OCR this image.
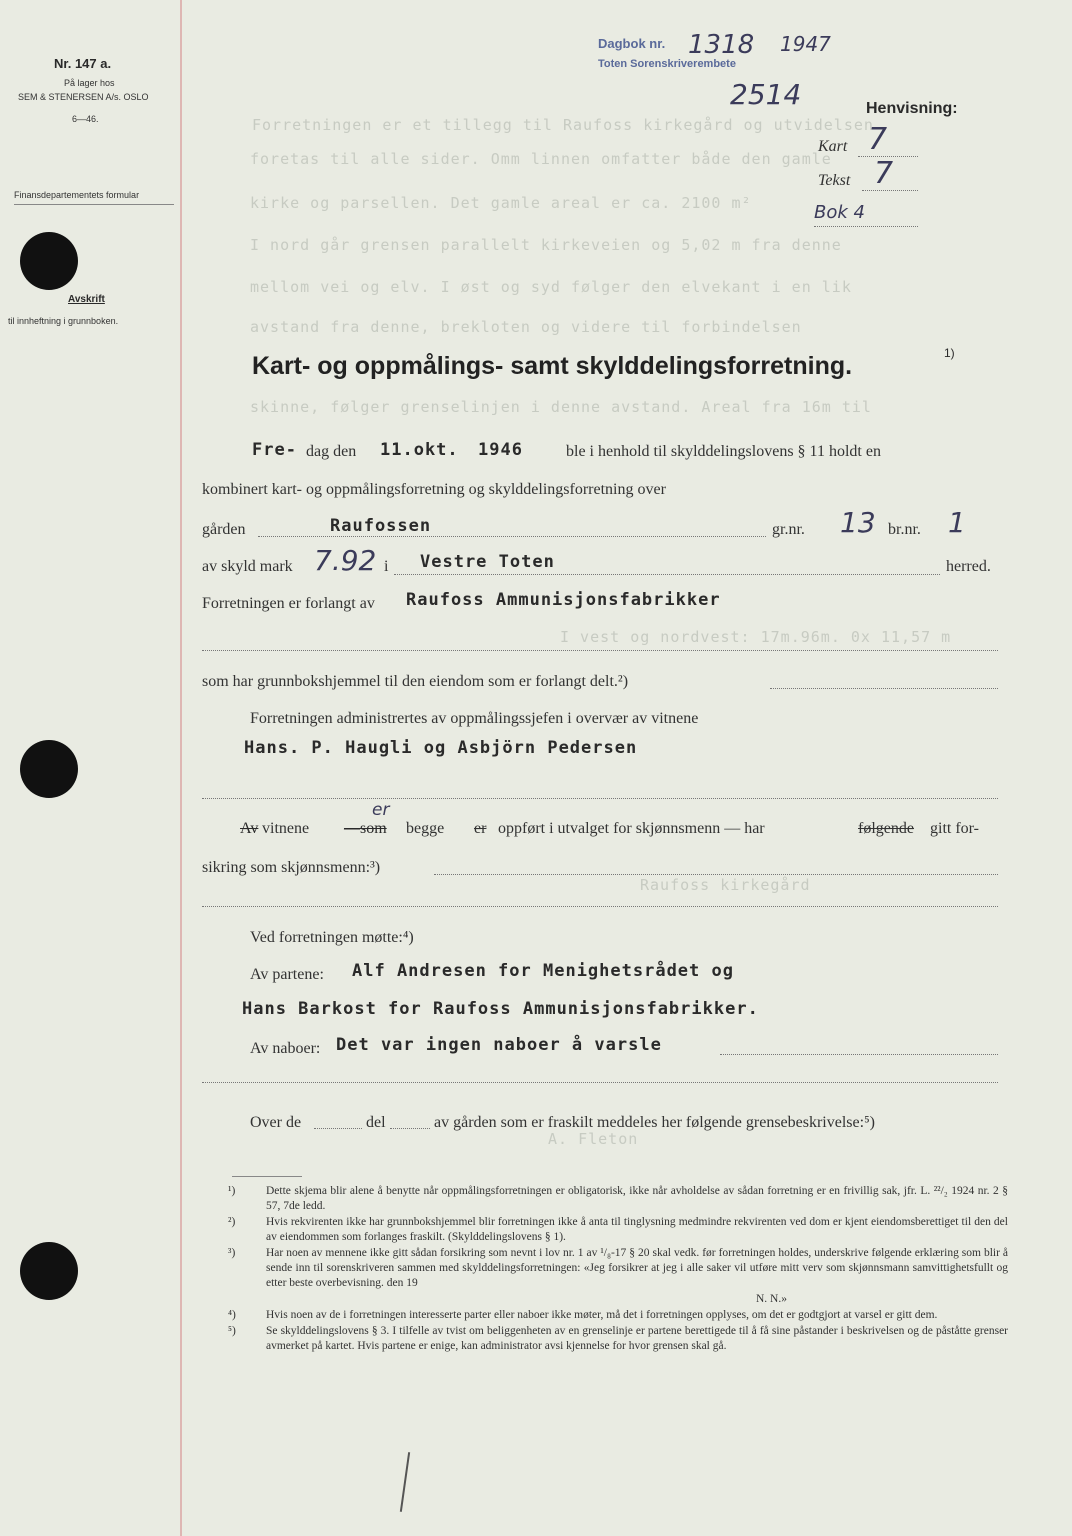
Nr. 147 a.
På lager hos
SEM & STENERSEN A/s. OSLO
6—46.
Finansdepartementets formular
Avskrift
til innheftning i grunnboken.
Dagbok nr. 1318 1947
Toten Sorenskriverembete
2514	Henvisning:
Kart 7
Tekst 7
Bok 4
Forretningen er et tillegg til Raufoss kirkegård og utvidelsen
foretas til alle sider. Omm linnen omfatter både den gamle
kirke og parsellen. Det gamle areal er ca. 2100 m²
I nord går grensen parallelt kirkeveien og 5,02 m fra denne
mellom vei og elv. I øst og syd følger den elvekant i en lik
avstand fra denne, brekloten og videre til forbindelsen
skinne, følger grenselinjen i denne avstand. Areal fra 16m til
I vest og nordvest: 17m.96m. 0x 11,57 m
Raufoss kirkegård
A. Fleton
Kart- og oppmålings- samt skylddelingsforretning.	1)
Fre- dag den 11.okt. 1946	ble i henhold til skylddelingslovens § 11 holdt en
kombinert kart- og oppmålingsforretning og skylddelingsforretning over
gården	Raufossen	gr.nr. 13 br.nr. 1
av skyld mark 7.92 i Vestre Toten	herred.
Forretningen er forlangt av Raufoss Ammunisjonsfabrikker
som har grunnbokshjemmel til den eiendom som er forlangt delt.²)
Forretningen administrertes av oppmålingssjefen i overvær av vitnene
Hans. P. Haugli og Asbjörn Pedersen
Av vitnene
er
—som begge er oppført i utvalget for skjønnsmenn — har	følgende gitt for-
sikring som skjønnsmenn:³)
Ved forretningen møtte:⁴)
Av partene: Alf Andresen for Menighetsrådet og
Hans Barkost for Raufoss Ammunisjonsfabrikker.
Av naboer: Det var ingen naboer å varsle
Over de	del	av gården som er fraskilt meddeles her følgende grensebeskrivelse:⁵)
¹)	Dette skjema blir alene å benytte når oppmålingsforretningen er obligatorisk, ikke når avholdelse av sådan forretning er en frivillig sak, jfr. L. ²²/₂ 1924 nr. 2 § 57, 7de ledd.
²)	Hvis rekvirenten ikke har grunnbokshjemmel blir forretningen ikke å anta til tinglysning medmindre rekvirenten ved dom er kjent eiendomsberettiget til den del av eiendommen som forlanges fraskilt. (Skylddelingslovens § 1).
³)	Har noen av mennene ikke gitt sådan forsikring som nevnt i lov nr. 1 av ¹/₈-17 § 20 skal vedk. før forretningen holdes, underskrive følgende erklæring som blir å sende inn til sorenskriveren sammen med skylddelingsforretningen: «Jeg forsikrer at jeg i alle saker vil utføre mitt verv som skjønnsmann samvittighetsfullt og etter beste overbevisning. den 19
N. N.»
⁴)	Hvis noen av de i forretningen interesserte parter eller naboer ikke møter, må det i forretningen opplyses, om det er godtgjort at varsel er gitt dem.
⁵)	Se skylddelingslovens § 3. I tilfelle av tvist om beliggenheten av en grenselinje er partene berettigede til å få sine påstander i beskrivelsen og de påståtte grenser avmerket på kartet. Hvis partene er enige, kan administrator avsi kjennelse for hvor grensen skal gå.
